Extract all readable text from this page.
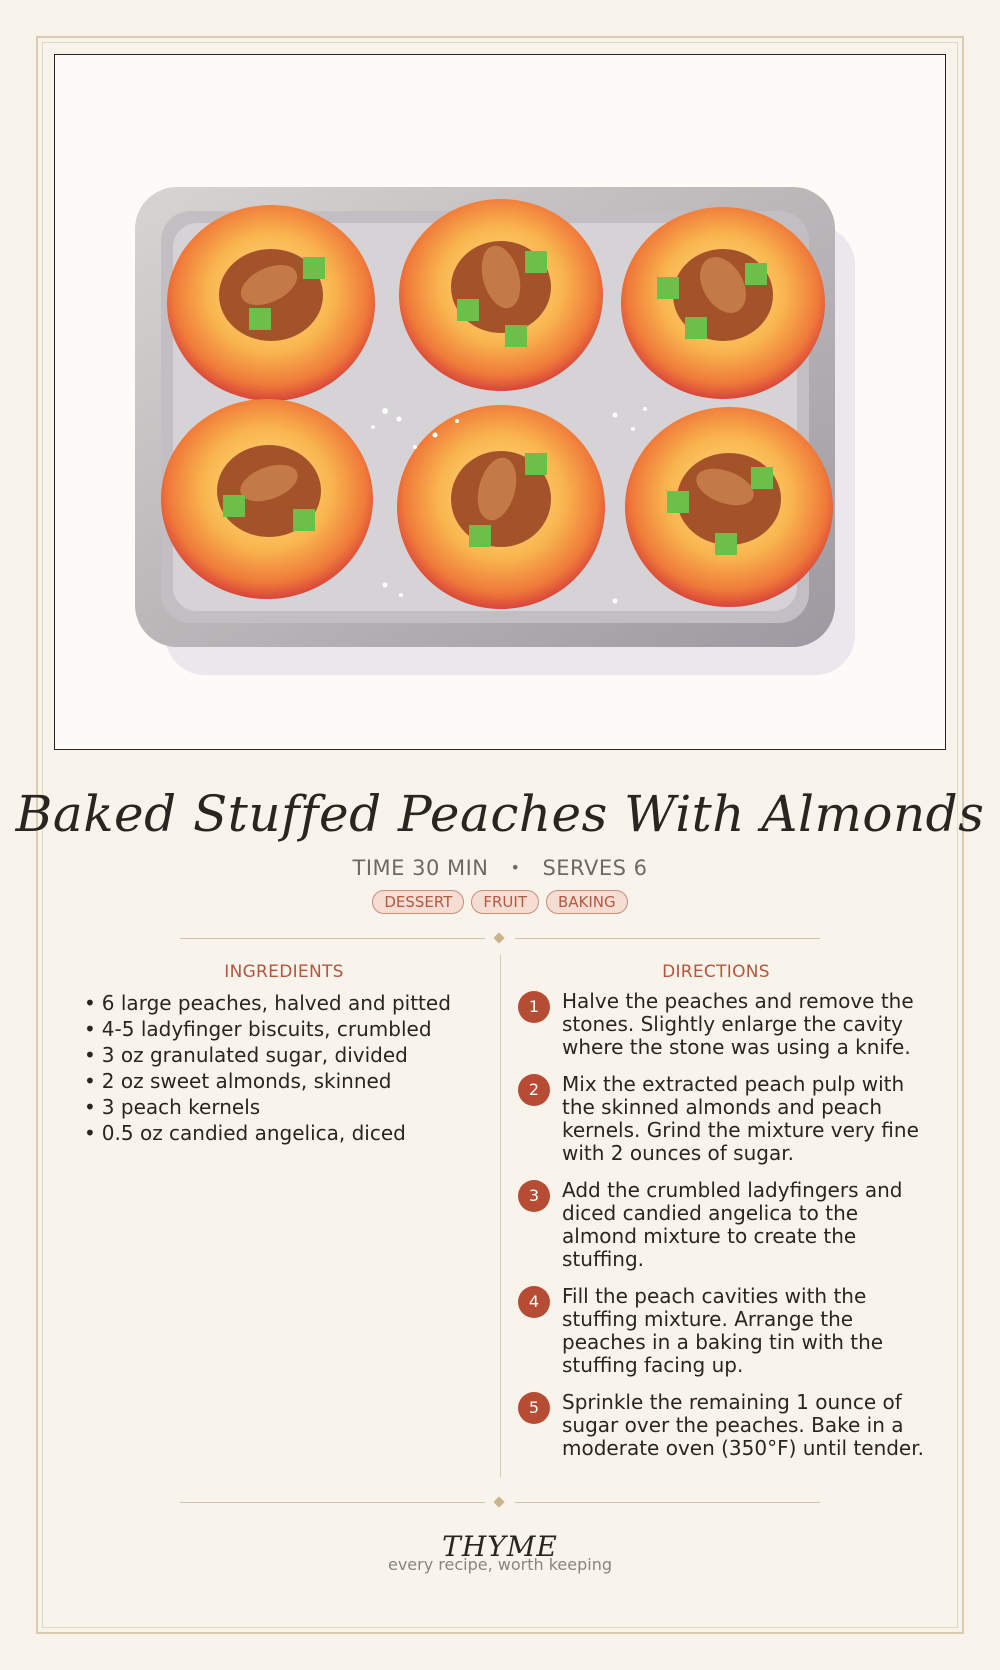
Baked Stuffed Peaches With Almonds
TIME 30 MIN • SERVES 6
DESSERT	FRUIT	BAKING
INGREDIENTS
• 6 large peaches, halved and pitted
• 4-5 ladyfinger biscuits, crumbled
• 3 oz granulated sugar, divided
• 2 oz sweet almonds, skinned
• 3 peach kernels
• 0.5 oz candied angelica, diced
DIRECTIONS
1	Halve the peaches and remove the stones. Slightly enlarge the cavity where the stone was using a knife.
2	Mix the extracted peach pulp with the skinned almonds and peach kernels. Grind the mixture very fine with 2 ounces of sugar.
3	Add the crumbled ladyfingers and diced candied angelica to the almond mixture to create the stuffing.
4	Fill the peach cavities with the stuffing mixture. Arrange the peaches in a baking tin with the stuffing facing up.
5	Sprinkle the remaining 1 ounce of sugar over the peaches. Bake in a moderate oven (350°F) until tender.
THYME
every recipe, worth keeping
